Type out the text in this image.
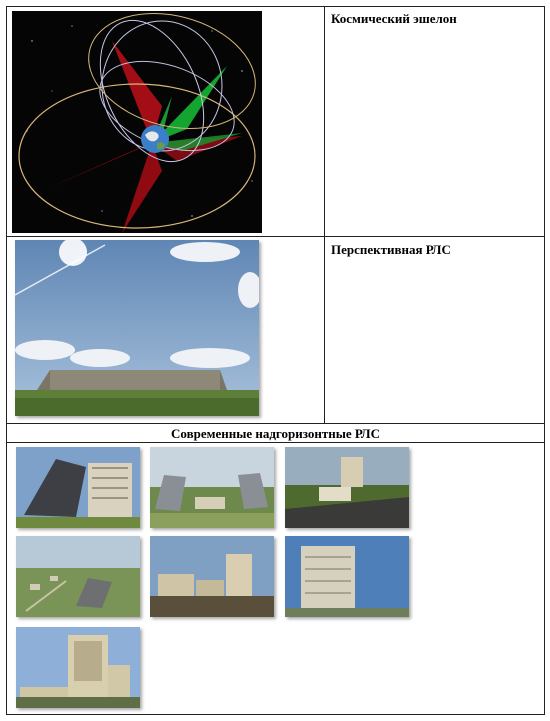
Космический эшелон
Перспективная РЛС
Современные надгоризонтные РЛС
